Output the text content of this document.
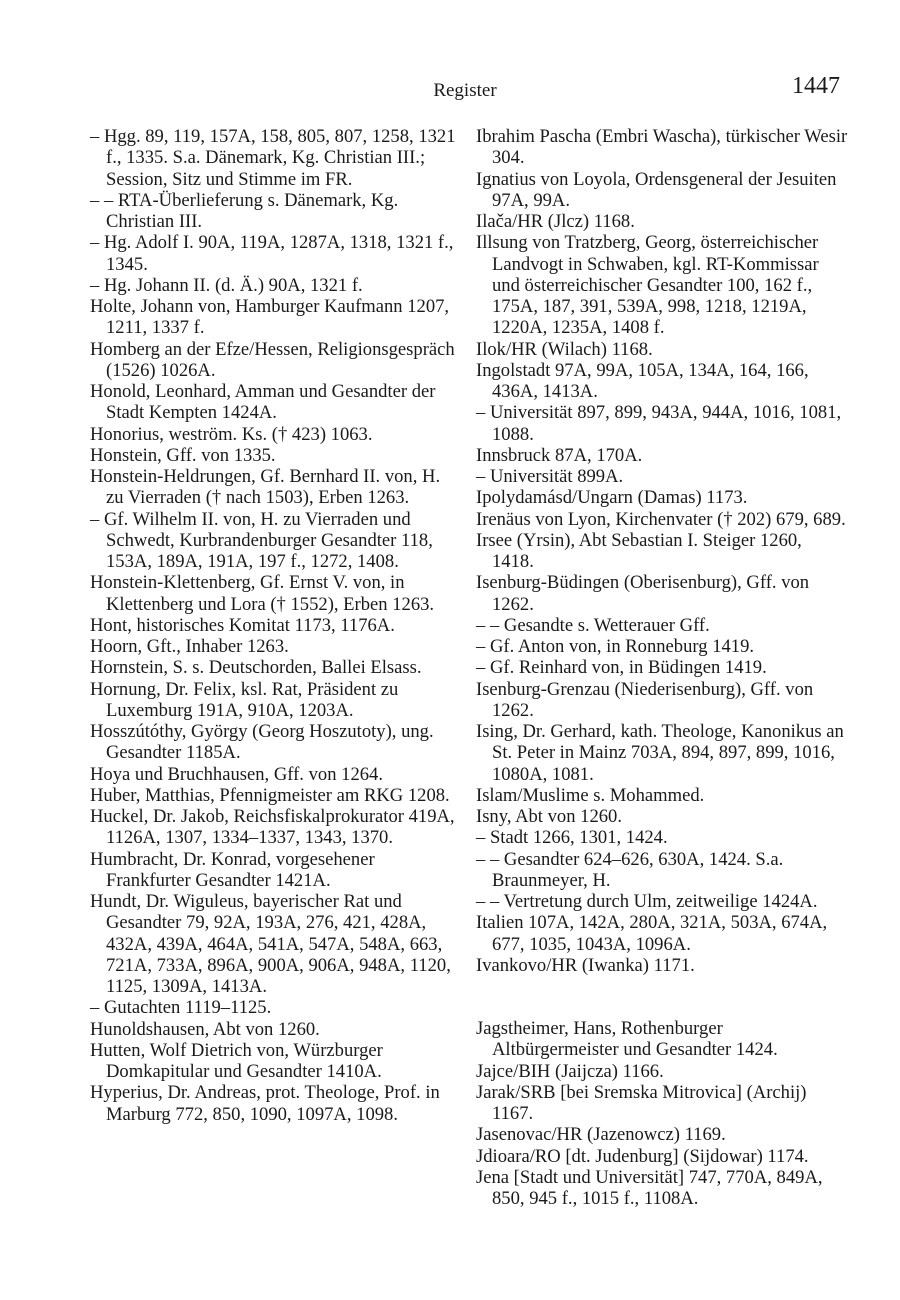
Register	1447
– Hgg. 89, 119, 157A, 158, 805, 807, 1258, 1321 f., 1335. S.a. Dänemark, Kg. Christian III.; Session, Sitz und Stimme im FR.
– – RTA-Überlieferung s. Dänemark, Kg. Christian III.
– Hg. Adolf I. 90A, 119A, 1287A, 1318, 1321 f., 1345.
– Hg. Johann II. (d. Ä.) 90A, 1321 f.
Holte, Johann von, Hamburger Kaufmann 1207, 1211, 1337 f.
Homberg an der Efze/Hessen, Religionsgespräch (1526) 1026A.
Honold, Leonhard, Amman und Gesandter der Stadt Kempten 1424A.
Honorius, weström. Ks. († 423) 1063.
Honstein, Gff. von 1335.
Honstein-Heldrungen, Gf. Bernhard II. von, H. zu Vierraden († nach 1503), Erben 1263.
– Gf. Wilhelm II. von, H. zu Vierraden und Schwedt, Kurbrandenburger Gesandter 118, 153A, 189A, 191A, 197 f., 1272, 1408.
Honstein-Klettenberg, Gf. Ernst V. von, in Klettenberg und Lora († 1552), Erben 1263.
Hont, historisches Komitat 1173, 1176A.
Hoorn, Gft., Inhaber 1263.
Hornstein, S. s. Deutschorden, Ballei Elsass.
Hornung, Dr. Felix, ksl. Rat, Präsident zu Luxemburg 191A, 910A, 1203A.
Hosszútóthy, György (Georg Hoszutoty), ung. Gesandter 1185A.
Hoya und Bruchhausen, Gff. von 1264.
Huber, Matthias, Pfennigmeister am RKG 1208.
Huckel, Dr. Jakob, Reichsfiskalprokurator 419A, 1126A, 1307, 1334–1337, 1343, 1370.
Humbracht, Dr. Konrad, vorgesehener Frankfurter Gesandter 1421A.
Hundt, Dr. Wiguleus, bayerischer Rat und Gesandter 79, 92A, 193A, 276, 421, 428A, 432A, 439A, 464A, 541A, 547A, 548A, 663, 721A, 733A, 896A, 900A, 906A, 948A, 1120, 1125, 1309A, 1413A.
– Gutachten 1119–1125.
Hunoldshausen, Abt von 1260.
Hutten, Wolf Dietrich von, Würzburger Domkapitular und Gesandter 1410A.
Hyperius, Dr. Andreas, prot. Theologe, Prof. in Marburg 772, 850, 1090, 1097A, 1098.
Ibrahim Pascha (Embri Wascha), türkischer Wesir 304.
Ignatius von Loyola, Ordensgeneral der Jesuiten 97A, 99A.
Ilača/HR (Jlcz) 1168.
Illsung von Tratzberg, Georg, österreichischer Landvogt in Schwaben, kgl. RT-Kommissar und österreichischer Gesandter 100, 162 f., 175A, 187, 391, 539A, 998, 1218, 1219A, 1220A, 1235A, 1408 f.
Ilok/HR (Wilach) 1168.
Ingolstadt 97A, 99A, 105A, 134A, 164, 166, 436A, 1413A.
– Universität 897, 899, 943A, 944A, 1016, 1081, 1088.
Innsbruck 87A, 170A.
– Universität 899A.
Ipolydamásd/Ungarn (Damas) 1173.
Irenäus von Lyon, Kirchenvater († 202) 679, 689.
Irsee (Yrsin), Abt Sebastian I. Steiger 1260, 1418.
Isenburg-Büdingen (Oberisenburg), Gff. von 1262.
– – Gesandte s. Wetterauer Gff.
– Gf. Anton von, in Ronneburg 1419.
– Gf. Reinhard von, in Büdingen 1419.
Isenburg-Grenzau (Niederisenburg), Gff. von 1262.
Ising, Dr. Gerhard, kath. Theologe, Kanonikus an St. Peter in Mainz 703A, 894, 897, 899, 1016, 1080A, 1081.
Islam/Muslime s. Mohammed.
Isny, Abt von 1260.
– Stadt 1266, 1301, 1424.
– – Gesandter 624–626, 630A, 1424. S.a. Braunmeyer, H.
– – Vertretung durch Ulm, zeitweilige 1424A.
Italien 107A, 142A, 280A, 321A, 503A, 674A, 677, 1035, 1043A, 1096A.
Ivankovo/HR (Iwanka) 1171.
Jagstheimer, Hans, Rothenburger Altbürgermeister und Gesandter 1424.
Jajce/BIH (Jaijcza) 1166.
Jarak/SRB [bei Sremska Mitrovica] (Archij) 1167.
Jasenovac/HR (Jazenowcz) 1169.
Jdioara/RO [dt. Judenburg] (Sijdowar) 1174.
Jena [Stadt und Universität] 747, 770A, 849A, 850, 945 f., 1015 f., 1108A.
